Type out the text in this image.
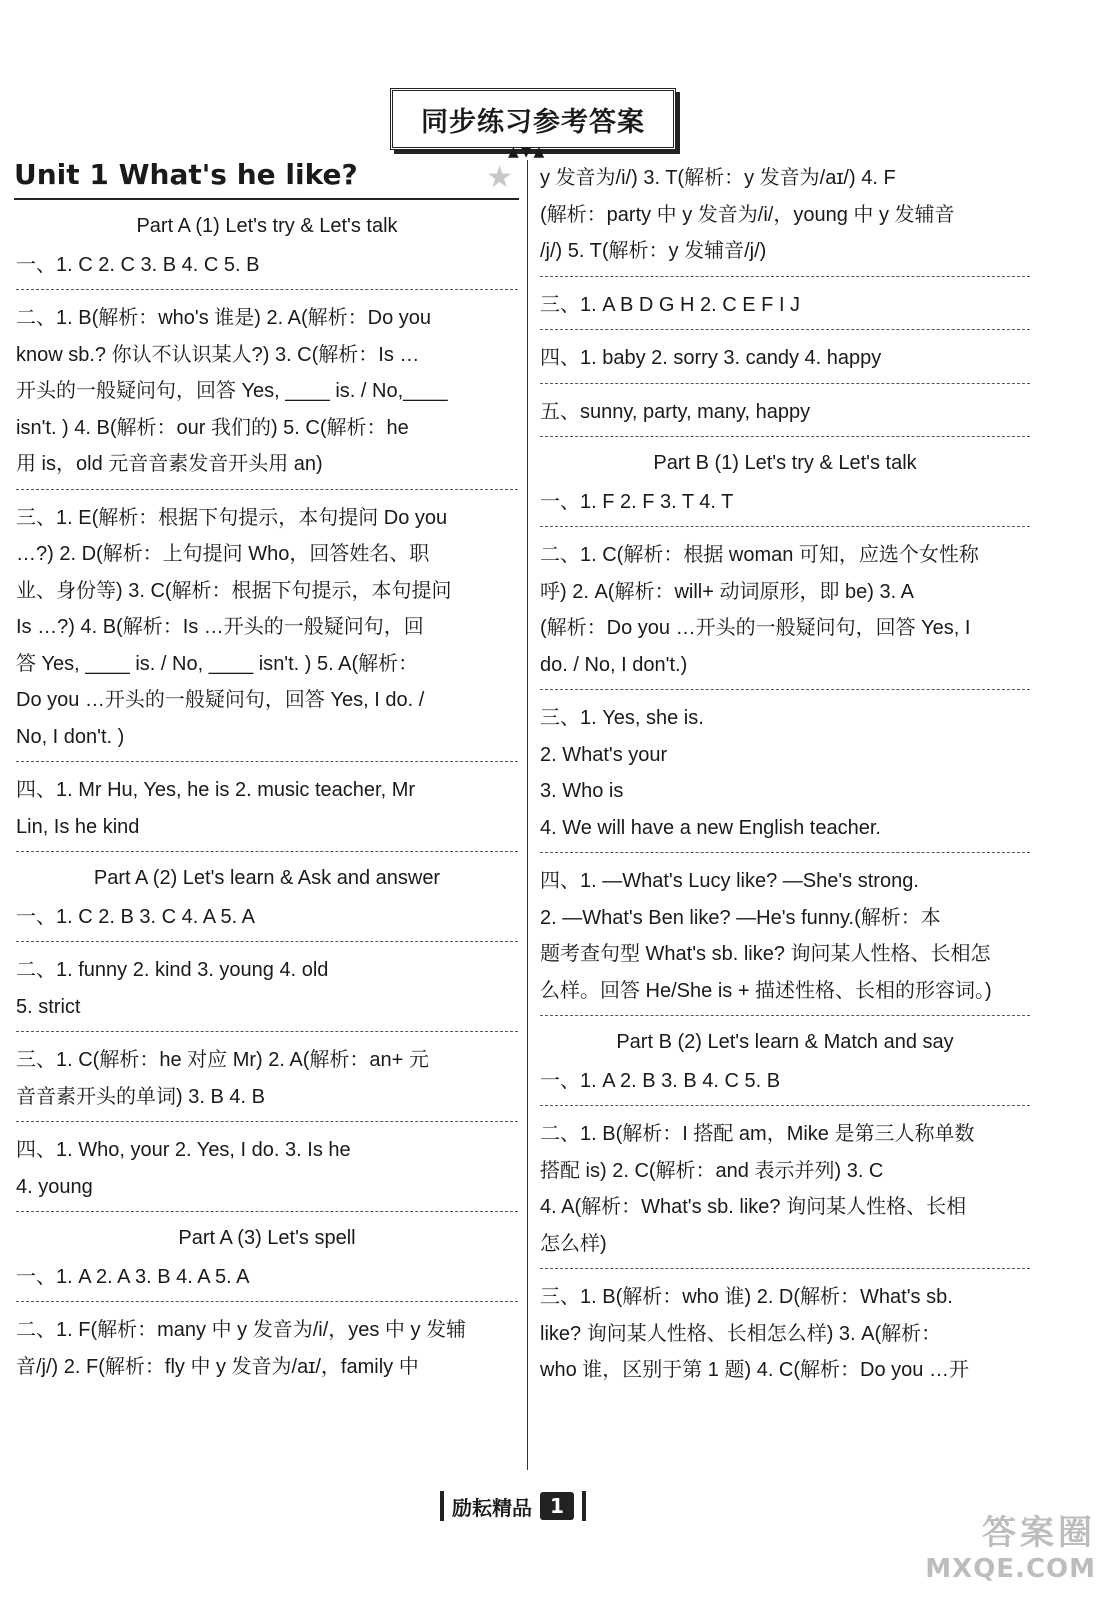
同步练习参考答案
▲▼▲
Unit 1 What's he like?	★
Part A (1) Let's try & Let's talk
一、1. C 2. C 3. B 4. C 5. B
二、1. B(解析：who's 谁是) 2. A(解析：Do you
know sb.? 你认不认识某人?) 3. C(解析：Is …
开头的一般疑问句，回答 Yes, ____ is. / No,____
isn't. ) 4. B(解析：our 我们的) 5. C(解析：he
用 is，old 元音音素发音开头用 an)
三、1. E(解析：根据下句提示，本句提问 Do you
…?) 2. D(解析：上句提问 Who，回答姓名、职
业、身份等) 3. C(解析：根据下句提示，本句提问
Is …?) 4. B(解析：Is …开头的一般疑问句，回
答 Yes, ____ is. / No, ____ isn't. ) 5. A(解析：
Do you …开头的一般疑问句，回答 Yes, I do. /
No, I don't. )
四、1. Mr Hu, Yes, he is 2. music teacher, Mr
Lin, Is he kind
Part A (2) Let's learn & Ask and answer
一、1. C 2. B 3. C 4. A 5. A
二、1. funny 2. kind 3. young 4. old
5. strict
三、1. C(解析：he 对应 Mr) 2. A(解析：an+ 元
音音素开头的单词) 3. B 4. B
四、1. Who, your 2. Yes, I do. 3. Is he
4. young
Part A (3) Let's spell
一、1. A 2. A 3. B 4. A 5. A
二、1. F(解析：many 中 y 发音为/i/，yes 中 y 发辅
音/j/) 2. F(解析：fly 中 y 发音为/aɪ/，family 中
y 发音为/i/) 3. T(解析：y 发音为/aɪ/) 4. F
(解析：party 中 y 发音为/i/，young 中 y 发辅音
/j/) 5. T(解析：y 发辅音/j/)
三、1. A B D G H 2. C E F I J
四、1. baby 2. sorry 3. candy 4. happy
五、sunny, party, many, happy
Part B (1) Let's try & Let's talk
一、1. F 2. F 3. T 4. T
二、1. C(解析：根据 woman 可知，应选个女性称
呼) 2. A(解析：will+ 动词原形，即 be) 3. A
(解析：Do you …开头的一般疑问句，回答 Yes, I
do. / No, I don't.)
三、1. Yes, she is.
2. What's your
3. Who is
4. We will have a new English teacher.
四、1. —What's Lucy like? —She's strong.
2. —What's Ben like? —He's funny.(解析：本
题考查句型 What's sb. like? 询问某人性格、长相怎
么样。回答 He/She is + 描述性格、长相的形容词。)
Part B (2) Let's learn & Match and say
一、1. A 2. B 3. B 4. C 5. B
二、1. B(解析：I 搭配 am，Mike 是第三人称单数
搭配 is) 2. C(解析：and 表示并列) 3. C
4. A(解析：What's sb. like? 询问某人性格、长相
怎么样)
三、1. B(解析：who 谁) 2. D(解析：What's sb.
like? 询问某人性格、长相怎么样) 3. A(解析：
who 谁，区别于第 1 题) 4. C(解析：Do you …开
励耘精品 1
答案圈
MXQE.COM
